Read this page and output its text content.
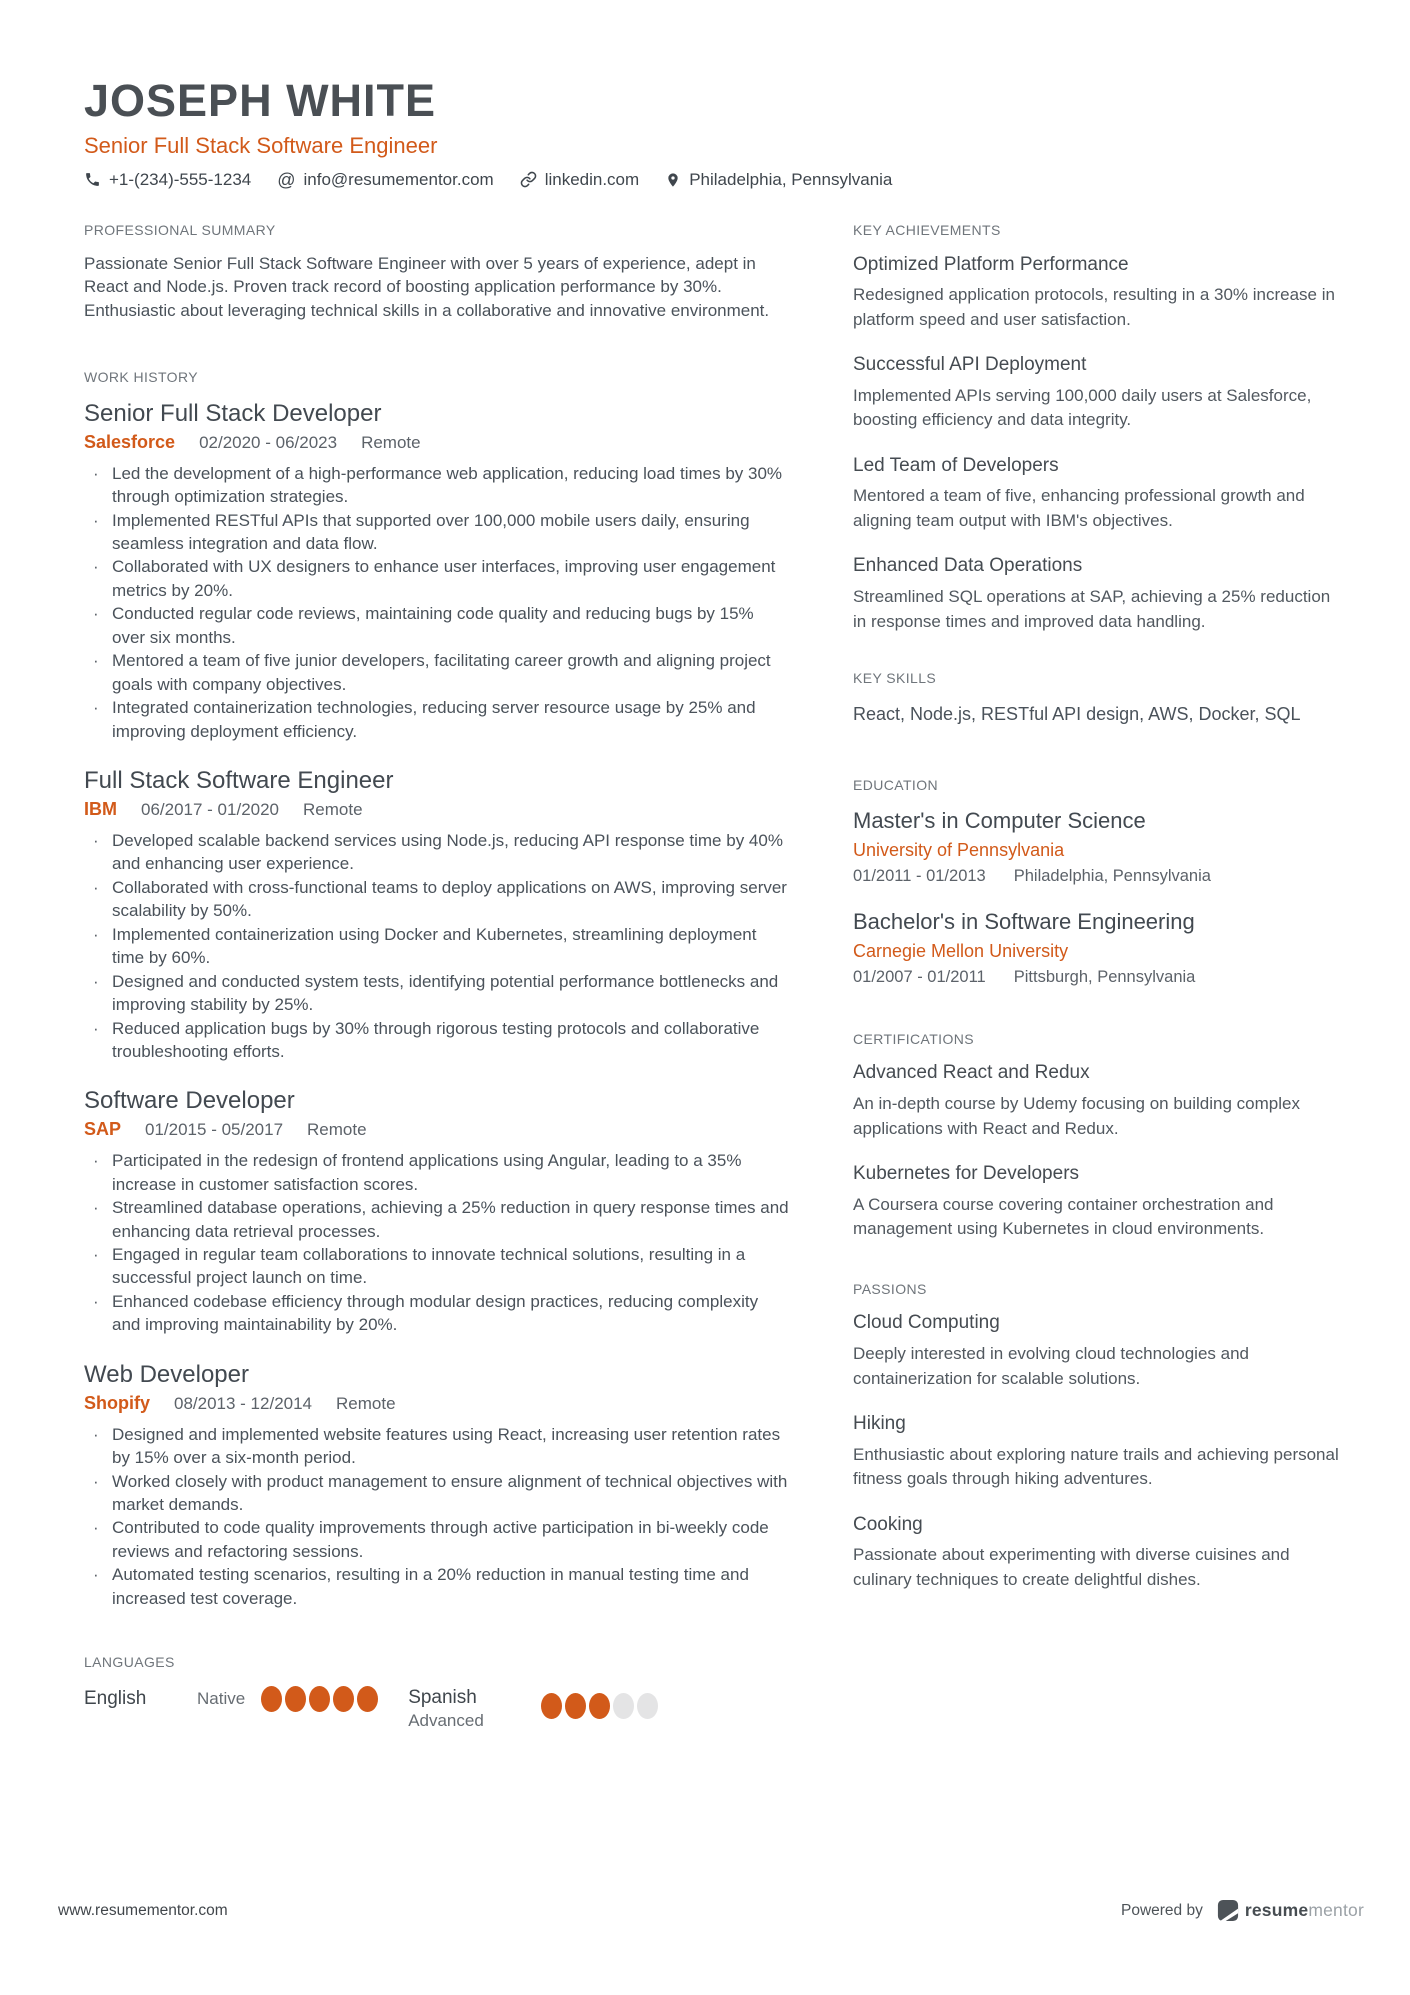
JOSEPH WHITE
Senior Full Stack Software Engineer
+1-(234)-555-1234 @ info@resumementor.com	linkedin.com	Philadelphia, Pennsylvania
PROFESSIONAL SUMMARY

Passionate Senior Full Stack Software Engineer with over 5 years of experience, adept in React and Node.js. Proven track record of boosting application performance by 30%. Enthusiastic about leveraging technical skills in a collaborative and innovative environment.

WORK HISTORY
Senior Full Stack Developer
Salesforce 02/2020 - 06/2023 Remote
· Led the development of a high-performance web application, reducing load times by 30% through optimization strategies.
· Implemented RESTful APIs that supported over 100,000 mobile users daily, ensuring seamless integration and data flow.
· Collaborated with UX designers to enhance user interfaces, improving user engagement metrics by 20%.
· Conducted regular code reviews, maintaining code quality and reducing bugs by 15% over six months.
· Mentored a team of five junior developers, facilitating career growth and aligning project goals with company objectives.
· Integrated containerization technologies, reducing server resource usage by 25% and improving deployment efficiency.
Full Stack Software Engineer
IBM 06/2017 - 01/2020 Remote
· Developed scalable backend services using Node.js, reducing API response time by 40% and enhancing user experience.
· Collaborated with cross-functional teams to deploy applications on AWS, improving server scalability by 50%.
· Implemented containerization using Docker and Kubernetes, streamlining deployment time by 60%.
· Designed and conducted system tests, identifying potential performance bottlenecks and improving stability by 25%.
· Reduced application bugs by 30% through rigorous testing protocols and collaborative troubleshooting efforts.
Software Developer
SAP 01/2015 - 05/2017 Remote
· Participated in the redesign of frontend applications using Angular, leading to a 35% increase in customer satisfaction scores.
· Streamlined database operations, achieving a 25% reduction in query response times and enhancing data retrieval processes.
· Engaged in regular team collaborations to innovate technical solutions, resulting in a successful project launch on time.
· Enhanced codebase efficiency through modular design practices, reducing complexity and improving maintainability by 20%.
Web Developer
Shopify 08/2013 - 12/2014 Remote
· Designed and implemented website features using React, increasing user retention rates by 15% over a six-month period.
· Worked closely with product management to ensure alignment of technical objectives with market demands.
· Contributed to code quality improvements through active participation in bi-weekly code reviews and refactoring sessions.
· Automated testing scenarios, resulting in a 20% reduction in manual testing time and increased test coverage.
LANGUAGES
English	Native	Spanish
Advanced
KEY ACHIEVEMENTS
Optimized Platform Performance

Redesigned application protocols, resulting in a 30% increase in platform speed and user satisfaction.

Successful API Deployment

Implemented APIs serving 100,000 daily users at Salesforce, boosting efficiency and data integrity.

Led Team of Developers

Mentored a team of five, enhancing professional growth and aligning team output with IBM's objectives.

Enhanced Data Operations

Streamlined SQL operations at SAP, achieving a 25% reduction in response times and improved data handling.

KEY SKILLS

React, Node.js, RESTful API design, AWS, Docker, SQL

EDUCATION
Master's in Computer Science
University of Pennsylvania
01/2011 - 01/2013 Philadelphia, Pennsylvania
Bachelor's in Software Engineering
Carnegie Mellon University
01/2007 - 01/2011 Pittsburgh, Pennsylvania
CERTIFICATIONS
Advanced React and Redux

An in-depth course by Udemy focusing on building complex applications with React and Redux.

Kubernetes for Developers

A Coursera course covering container orchestration and management using Kubernetes in cloud environments.

PASSIONS
Cloud Computing

Deeply interested in evolving cloud technologies and containerization for scalable solutions.

Hiking

Enthusiastic about exploring nature trails and achieving personal fitness goals through hiking adventures.

Cooking

Passionate about experimenting with diverse cuisines and culinary techniques to create delightful dishes.

www.resumementor.com	Powered by resumementor
